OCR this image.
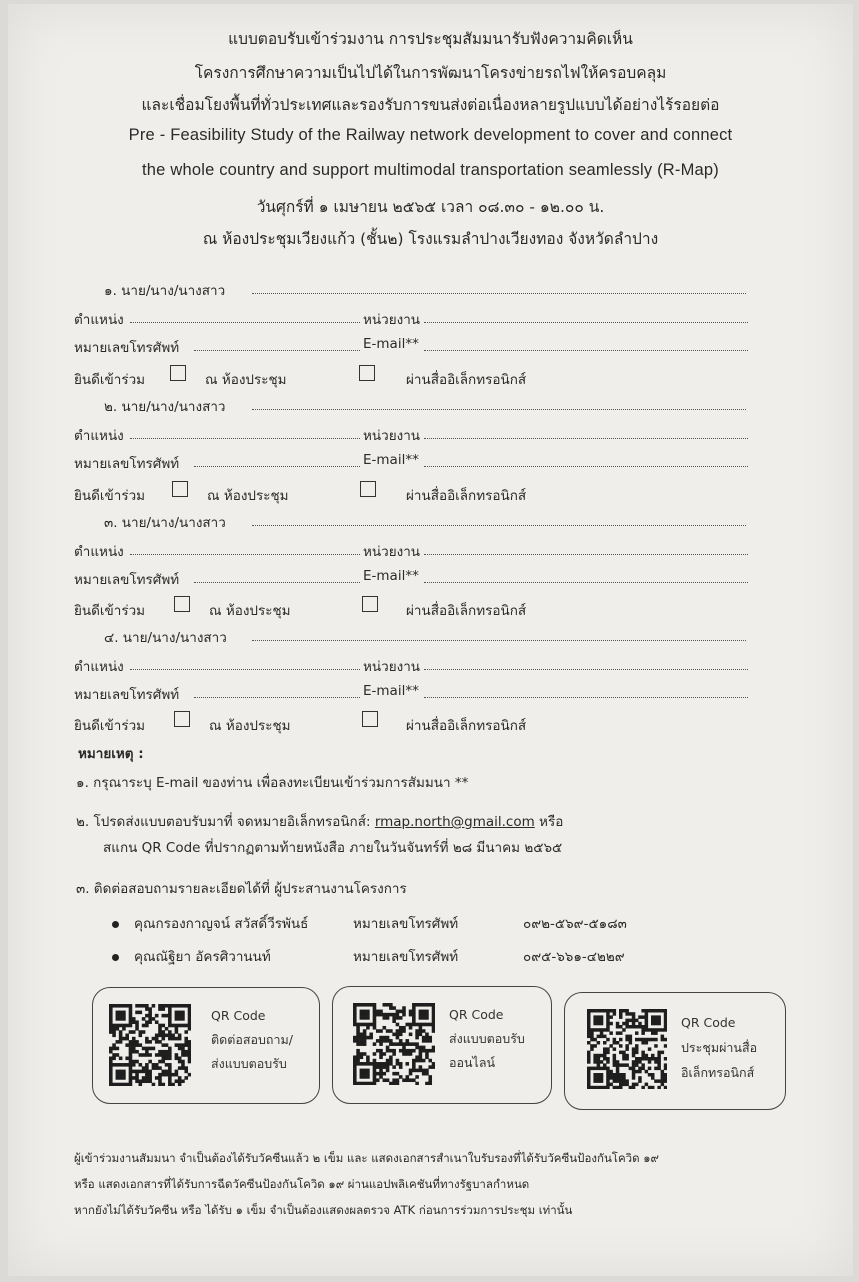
แบบตอบรับเข้าร่วมงาน การประชุมสัมมนารับฟังความคิดเห็น
โครงการศึกษาความเป็นไปได้ในการพัฒนาโครงข่ายรถไฟให้ครอบคลุม
และเชื่อมโยงพื้นที่ทั่วประเทศและรองรับการขนส่งต่อเนื่องหลายรูปแบบได้อย่างไร้รอยต่อ
Pre - Feasibility Study of the Railway network development to cover and connect
the whole country and support multimodal transportation seamlessly (R-Map)
วันศุกร์ที่ ๑ เมษายน ๒๕๖๕ เวลา ๐๘.๓๐ - ๑๒.๐๐ น.
ณ ห้องประชุมเวียงแก้ว (ชั้น๒) โรงแรมลำปางเวียงทอง จังหวัดลำปาง
๑. นาย/นาง/นางสาว
ตำแหน่ง	หน่วยงาน
หมายเลขโทรศัพท์	E-mail**
ยินดีเข้าร่วม	ณ ห้องประชุม	ผ่านสื่ออิเล็กทรอนิกส์
๒. นาย/นาง/นางสาว
ตำแหน่ง	หน่วยงาน
หมายเลขโทรศัพท์	E-mail**
ยินดีเข้าร่วม	ณ ห้องประชุม	ผ่านสื่ออิเล็กทรอนิกส์
๓. นาย/นาง/นางสาว
ตำแหน่ง	หน่วยงาน
หมายเลขโทรศัพท์	E-mail**
ยินดีเข้าร่วม	ณ ห้องประชุม	ผ่านสื่ออิเล็กทรอนิกส์
๔. นาย/นาง/นางสาว
ตำแหน่ง	หน่วยงาน
หมายเลขโทรศัพท์	E-mail**
ยินดีเข้าร่วม	ณ ห้องประชุม	ผ่านสื่ออิเล็กทรอนิกส์
หมายเหตุ :
๑. กรุณาระบุ E-mail ของท่าน เพื่อลงทะเบียนเข้าร่วมการสัมมนา **
๒. โปรดส่งแบบตอบรับมาที่ จดหมายอิเล็กทรอนิกส์: rmap.north@gmail.com หรือ
สแกน QR Code ที่ปรากฏตามท้ายหนังสือ ภายในวันจันทร์ที่ ๒๘ มีนาคม ๒๕๖๕
๓. ติดต่อสอบถามรายละเอียดได้ที่ ผู้ประสานงานโครงการ
คุณกรองกาญจน์ สวัสดิ์วีรพันธ์	หมายเลขโทรศัพท์	๐๙๒-๕๖๙-๕๑๘๓
คุณณัฐิยา อัครศิวานนท์	หมายเลขโทรศัพท์	๐๙๕-๖๖๑-๔๒๒๙
QR Code
ติดต่อสอบถาม/
ส่งแบบตอบรับ
QR Code
ส่งแบบตอบรับ
ออนไลน์
QR Code
ประชุมผ่านสื่อ
อิเล็กทรอนิกส์
ผู้เข้าร่วมงานสัมมนา จำเป็นต้องได้รับวัคซีนแล้ว ๒ เข็ม และ แสดงเอกสารสำเนาใบรับรองที่ได้รับวัคซีนป้องกันโควิด ๑๙
หรือ แสดงเอกสารที่ได้รับการฉีดวัคซีนป้องกันโควิด ๑๙ ผ่านแอปพลิเคชันที่ทางรัฐบาลกำหนด
หากยังไม่ได้รับวัคซีน หรือ ได้รับ ๑ เข็ม จำเป็นต้องแสดงผลตรวจ ATK ก่อนการร่วมการประชุม เท่านั้น
